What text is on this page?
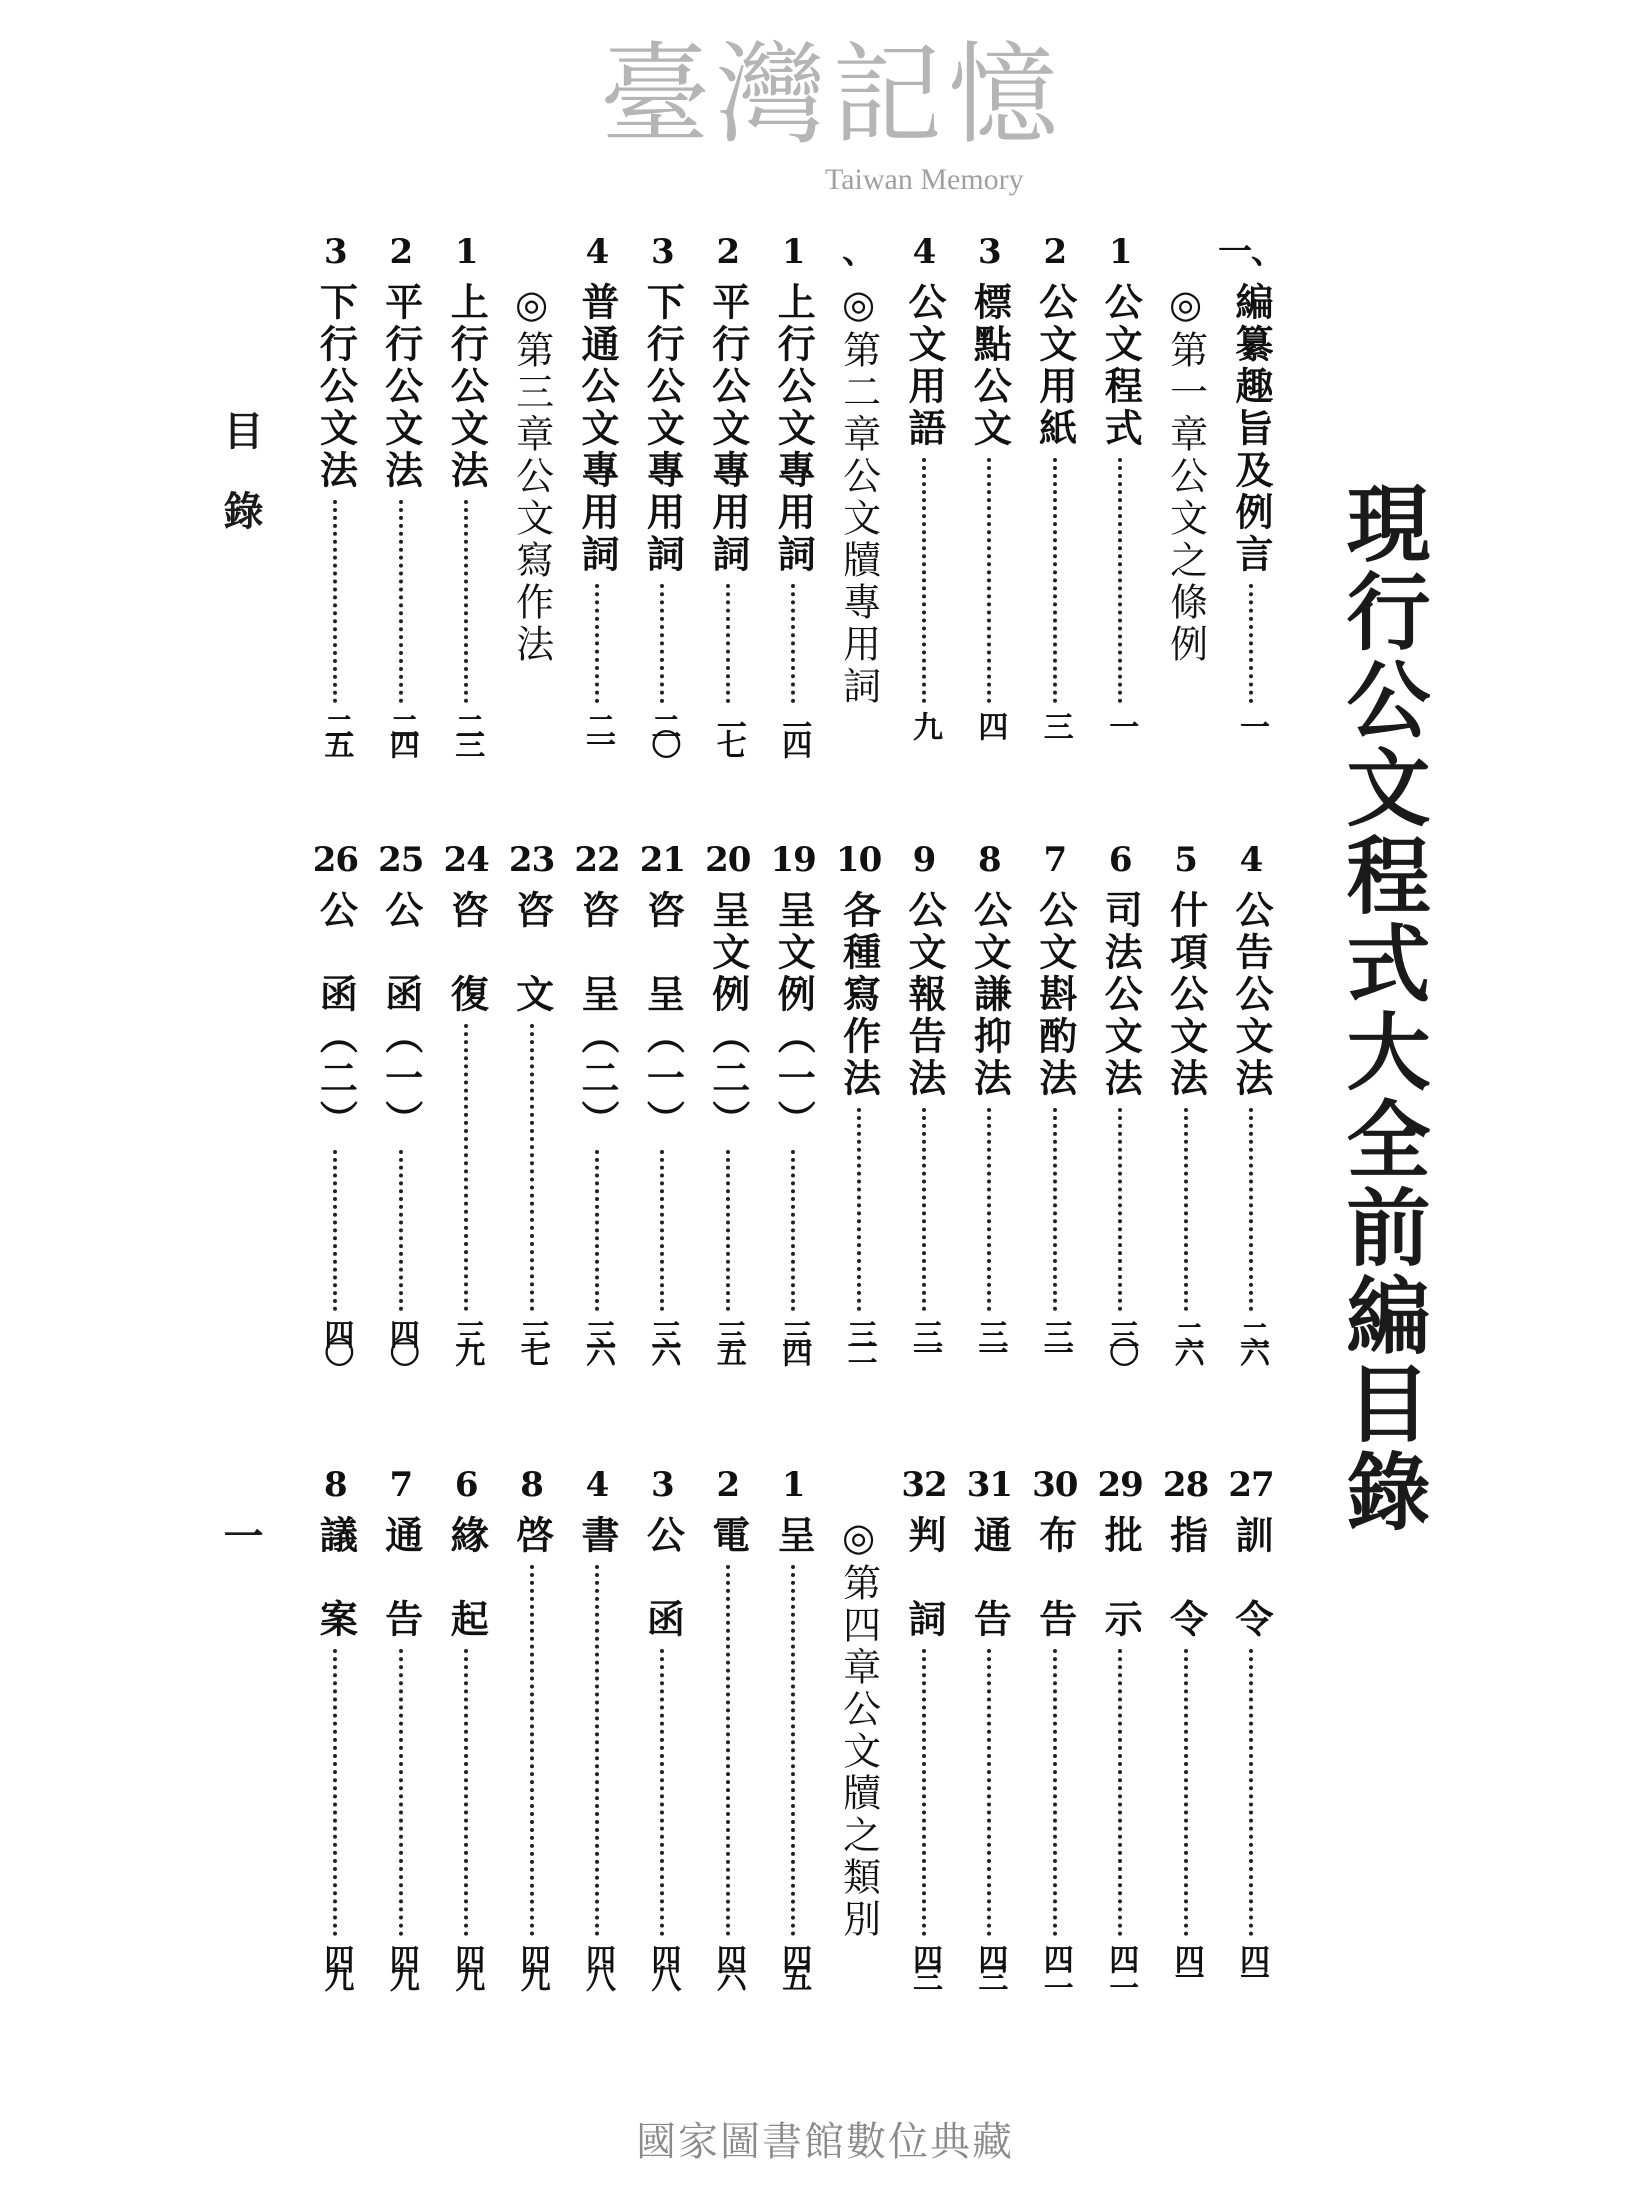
現行公文程式大全前編目錄
目　錄
一
一、
編纂趣旨及例言
一
◎第一章公文之條例
1
公文程式
一
2
公文用紙
三
3
標點公文
四
4
公文用語
九
、
◎第二章公文牘專用詞
1
上行公文專用詞
一四
2
平行公文專用詞
一七
3
下行公文專用詞
二〇
4
普通公文專用詞
二一
◎第三章公文寫作法
1
上行公文法
二三
2
平行公文法
二四
3
下行公文法
二五
4
公告公文法
二六
5
什項公文法
二六
6
司法公文法
三〇
7
公文斟酌法
三一
8
公文謙抑法
三一
9
公文報告法
三一
10
各種寫作法
三二
19
呈文例（一）
三四
20
呈文例（二）
三五
21
咨　呈（一）
三六
22
咨　呈（二）
三六
23
咨　文
三七
24
咨　復
三九
25
公　函（一）
四〇
26
公　函（二）
四〇
27
訓　令
四一
28
指　令
四一
29
批　示
四二
30
布　告
四二
31
通　告
四三
32
判　詞
四三
◎第四章公文牘之類別
1
呈
四五
2
電
四六
3
公　函
四八
4
書
四八
8
啓
四九
6
緣　起
四九
7
通　告
四九
8
議　案
四九
臺灣記憶
Taiwan Memory
國家圖書館數位典藏
